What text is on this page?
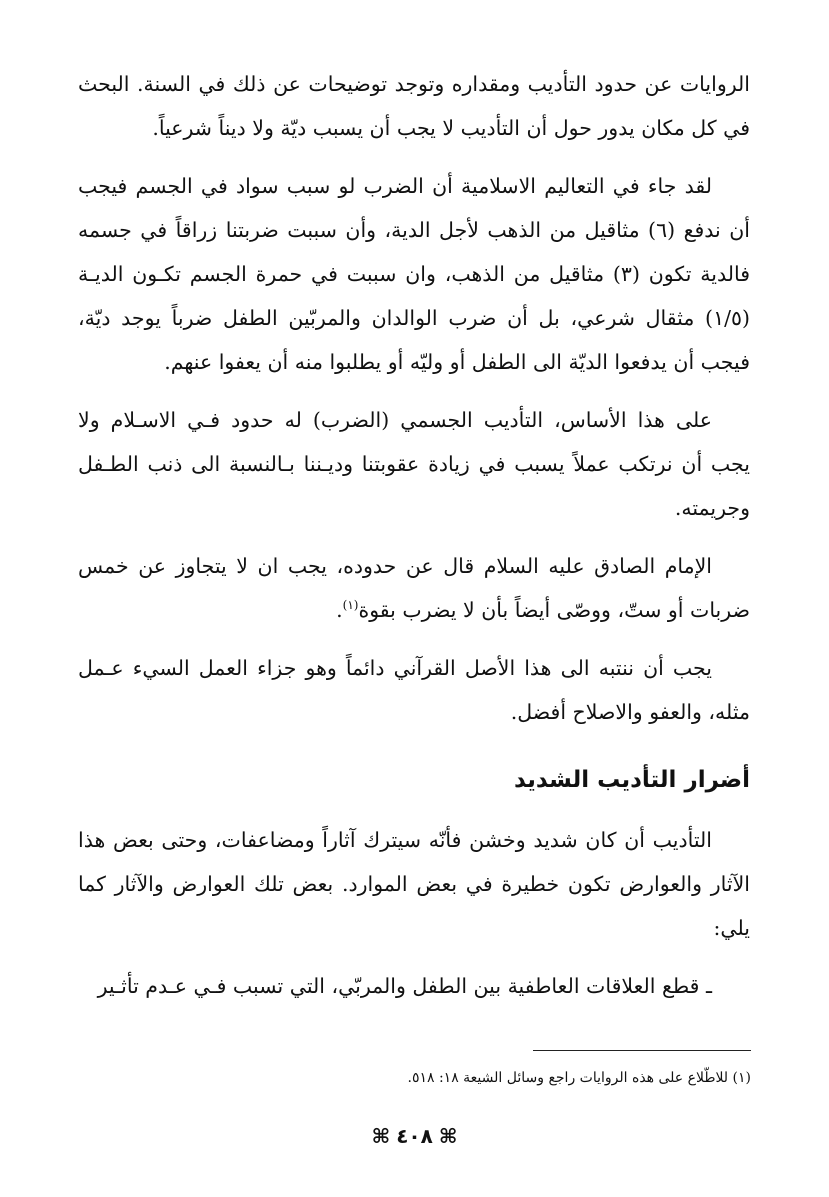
الروايات عن حدود التأديب ومقداره وتوجد توضيحات عن ذلك في السنة. البحث في كل مكان يدور حول أن التأديب لا يجب أن يسبب ديّة ولا ديناً شرعياً.

لقد جاء في التعاليم الاسلامية أن الضرب لو سبب سواد في الجسم فيجب أن ندفع (٦) مثاقيل من الذهب لأجل الدية، وأن سببت ضربتنا زراقاً في جسمه فالدية تكون (٣) مثاقيل من الذهب، وان سببت في حمرة الجسم تكـون الديـة (١/٥) مثقال شرعي، بل أن ضرب الوالدان والمربّين الطفل ضرباً يوجد ديّة، فيجب أن يدفعوا الديّة الى الطفل أو وليّه أو يطلبوا منه أن يعفوا عنهم.

على هذا الأساس، التأديب الجسمي (الضرب) له حدود فـي الاسـلام ولا يجب أن نرتكب عملاً يسبب في زيادة عقوبتنا وديـننا بـالنسبة الى ذنب الطـفل وجريمته.

الإمام الصادق عليه السلام قال عن حدوده، يجب ان لا يتجاوز عن خمس ضربات أو ستّ، ووصّى أيضاً بأن لا يضرب بقوة$^{(١)}$.

يجب أن ننتبه الى هذا الأصل القرآني دائماً وهو جزاء العمل السيء عـمل مثله، والعفو والاصلاح أفضل.

أضرار التأديب الشديد

التأديب أن كان شديد وخشن فأنّه سيترك آثاراً ومضاعفات، وحتى بعض هذا الآثار والعوارض تكون خطيرة في بعض الموارد. بعض تلك العوارض والآثار كما يلي:

ـ قطع العلاقات العاطفية بين الطفل والمربّي، التي تسبب فـي عـدم تأثـير

(١) للاطّلاع على هذه الروايات راجع وسائل الشيعة ١٨: ٥١٨.
⌘٤٠٨⌘
